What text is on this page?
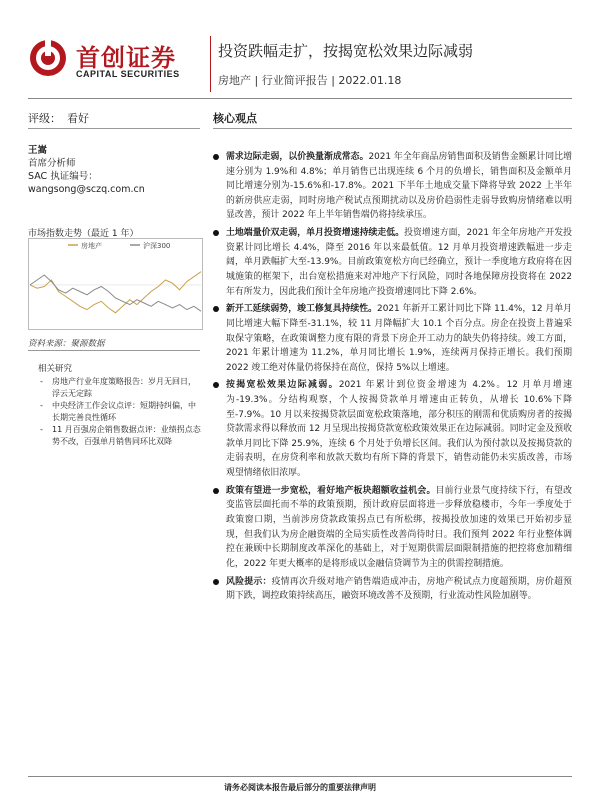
首创证券
CAPITAL SECURITIES
投资跌幅走扩，按揭宽松效果边际减弱
房地产 | 行业简评报告 | 2022.01.18
评级： 看好	核心观点
王嵩
首席分析师
SAC 执证编号：
wangsong@sczq.com.cn
市场指数走势（最近 1 年）
房地产	沪深300
资料来源：聚源数据
相关研究
- 房地产行业年度策略报告：岁月无回日，浮云无定踪
- 中央经济工作会议点评：短期持纠偏，中长期完善良性循环
- 11 月百强房企销售数据点评：业绩拐点态势不改，百强单月销售同环比双降
需求边际走弱，以价换量渐成常态。2021 年全年商品房销售面积及销售金额累计同比增速分别为 1.9%和 4.8%；单月销售已出现连续 6 个月的负增长，销售面积及金额单月同比增速分别为-15.6%和-17.8%。2021 下半年土地成交量下降将导致 2022 上半年的新房供应走弱，同时房地产税试点预期扰动以及房价趋弱性走弱导致购房情绪难以明显改善，预计 2022 年上半年销售端仍将持续承压。
土地端量价双走弱，单月投资增速持续走低。投资增速方面，2021 年全年房地产开发投资累计同比增长 4.4%，降至 2016 年以来最低值。12 月单月投资增速跌幅进一步走阔，单月跌幅扩大至-13.9%。目前政策宽松方向已经确立，预计一季度地方政府将在因城施策的框架下，出台宽松措施来对冲地产下行风险，同时各地保障房投资将在 2022 年有所发力，因此我们预计全年房地产投资增速同比下降 2.6%。
新开工延续弱势，竣工修复具持续性。2021 年新开工累计同比下降 11.4%，12 月单月同比增速大幅下降至-31.1%，较 11 月降幅扩大 10.1 个百分点。房企在投资上普遍采取保守策略，在政策调整力度有限的背景下房企开工动力的缺失仍将持续。竣工方面，2021 年累计增速为 11.2%，单月同比增长 1.9%，连续两月保持正增长。我们预期 2022 竣工绝对体量仍将保持在高位，保持 5%以上增速。
按揭宽松效果边际减弱。2021 年累计到位资金增速为 4.2%。12 月单月增速为-19.3%。分结构观察，个人按揭贷款单月增速由正转负，从增长 10.6%下降至-7.9%。10 月以来按揭贷款层面宽松政策落地，部分积压的刚需和优质购房者的按揭贷款需求得以释放而 12 月呈现出按揭贷款宽松政策效果正在边际减弱。同时定金及预收款单月同比下降 25.9%，连续 6 个月处于负增长区间。我们认为预付款以及按揭贷款的走弱表明，在房贷利率和放款天数均有所下降的背景下，销售动能仍未实质改善，市场观望情绪依旧浓厚。
政策有望进一步宽松，看好地产板块超额收益机会。目前行业景气度持续下行，有望改变监管层面托而不举的政策预期，预计政府层面将进一步释放稳楼市，今年一季度处于政策窗口期，当前涉房贷款政策拐点已有所松绑，按揭投放加速的效果已开始初步显现，但我们认为房企融资端的全局实质性改善尚待时日。我们预判 2022 年行业整体调控在兼顾中长期制度改革深化的基础上，对于短期供需层面限制措施的把控将愈加精细化，2022 年更大概率的是将形成以金融信贷调节为主的供需控制措施。
风险提示：疫情再次升级对地产销售端造成冲击，房地产税试点力度超预期，房价超预期下跌，调控政策持续高压，融资环境改善不及预期，行业流动性风险加剧等。
请务必阅读本报告最后部分的重要法律声明
